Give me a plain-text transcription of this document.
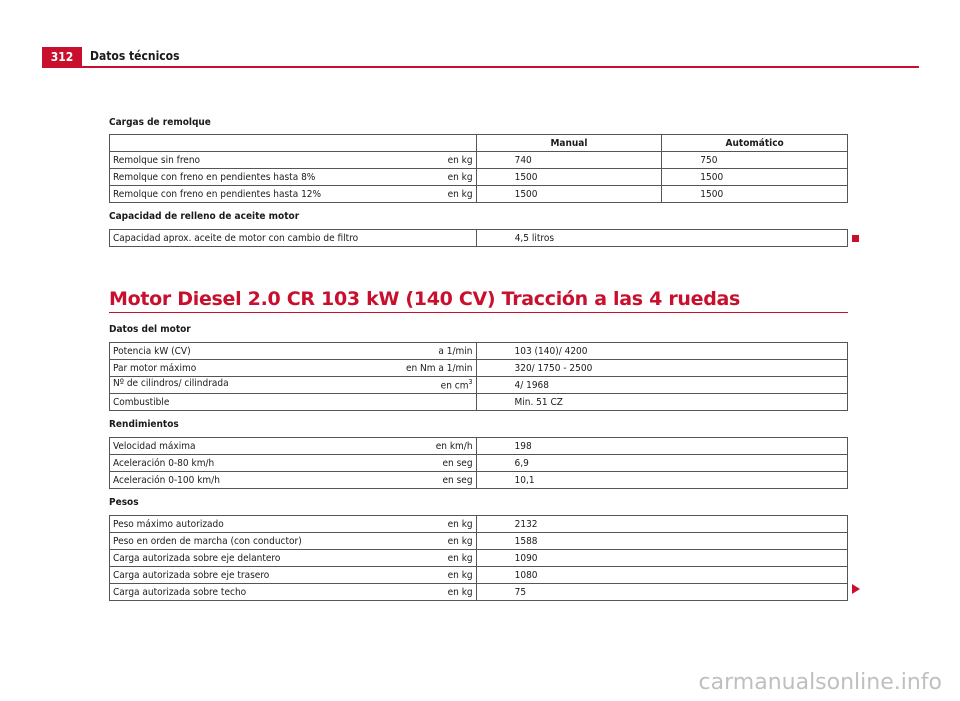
312	Datos técnicos
Cargas de remolque
	Manual	Automático
Remolque sin freno en kg	740	750
Remolque con freno en pendientes hasta 8% en kg	1500	1500
Remolque con freno en pendientes hasta 12% en kg	1500	1500
Capacidad de relleno de aceite motor
Capacidad aprox. aceite de motor con cambio de filtro	4,5 litros
Motor Diesel 2.0 CR 103 kW (140 CV) Tracción a las 4 ruedas
Datos del motor
Potencia kW (CV) a 1/min	103 (140)/ 4200
Par motor máximo en Nm a 1/min	320/ 1750 - 2500
Nº de cilindros/ cilindrada en $cm^3$	4/ 1968
Combustible	Min. 51 CZ
Rendimientos
Velocidad máxima en km/h	198
Aceleración 0-80 km/h en seg	6,9
Aceleración 0-100 km/h en seg	10,1
Pesos
Peso máximo autorizado en kg	2132
Peso en orden de marcha (con conductor) en kg	1588
Carga autorizada sobre eje delantero en kg	1090
Carga autorizada sobre eje trasero en kg	1080
Carga autorizada sobre techo en kg	75
carmanualsonline.info
